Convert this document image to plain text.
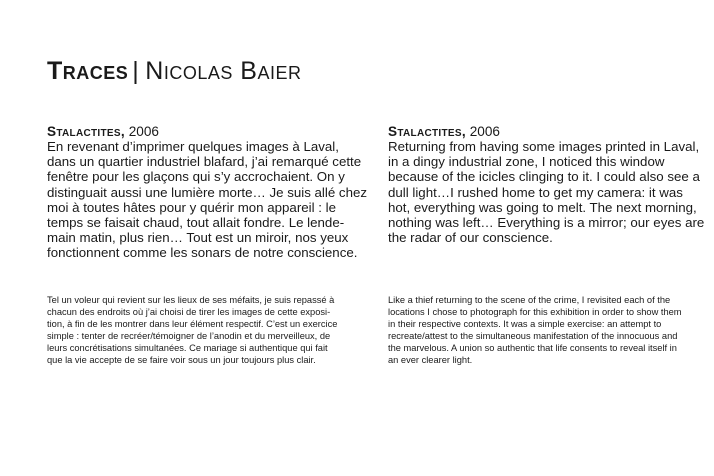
Traces | Nicolas Baier
Stalactites, 2006
En revenant d’imprimer quelques images à Laval,
dans un quartier industriel blafard, j’ai remarqué cette
fenêtre pour les glaçons qui s’y accrochaient. On y
distinguait aussi une lumière morte… Je suis allé chez
moi à toutes hâtes pour y quérir mon appareil : le
temps se faisait chaud, tout allait fondre. Le lende-
main matin, plus rien… Tout est un miroir, nos yeux
fonctionnent comme les sonars de notre conscience.
Stalactites, 2006
Returning from having some images printed in Laval,
in a dingy industrial zone, I noticed this window
because of the icicles clinging to it. I could also see a
dull light…I rushed home to get my camera: it was
hot, everything was going to melt. The next morning,
nothing was left… Everything is a mirror; our eyes are
the radar of our conscience.
Tel un voleur qui revient sur les lieux de ses méfaits, je suis repassé à
chacun des endroits où j’ai choisi de tirer les images de cette exposi-
tion, à fin de les montrer dans leur élément respectif. C’est un exercice
simple : tenter de recréer/témoigner de l’anodin et du merveilleux, de
leurs concrétisations simultanées. Ce mariage si authentique qui fait
que la vie accepte de se faire voir sous un jour toujours plus clair.
Like a thief returning to the scene of the crime, I revisited each of the
locations I chose to photograph for this exhibition in order to show them
in their respective contexts. It was a simple exercise: an attempt to
recreate/attest to the simultaneous manifestation of the innocuous and
the marvelous. A union so authentic that life consents to reveal itself in
an ever clearer light.
